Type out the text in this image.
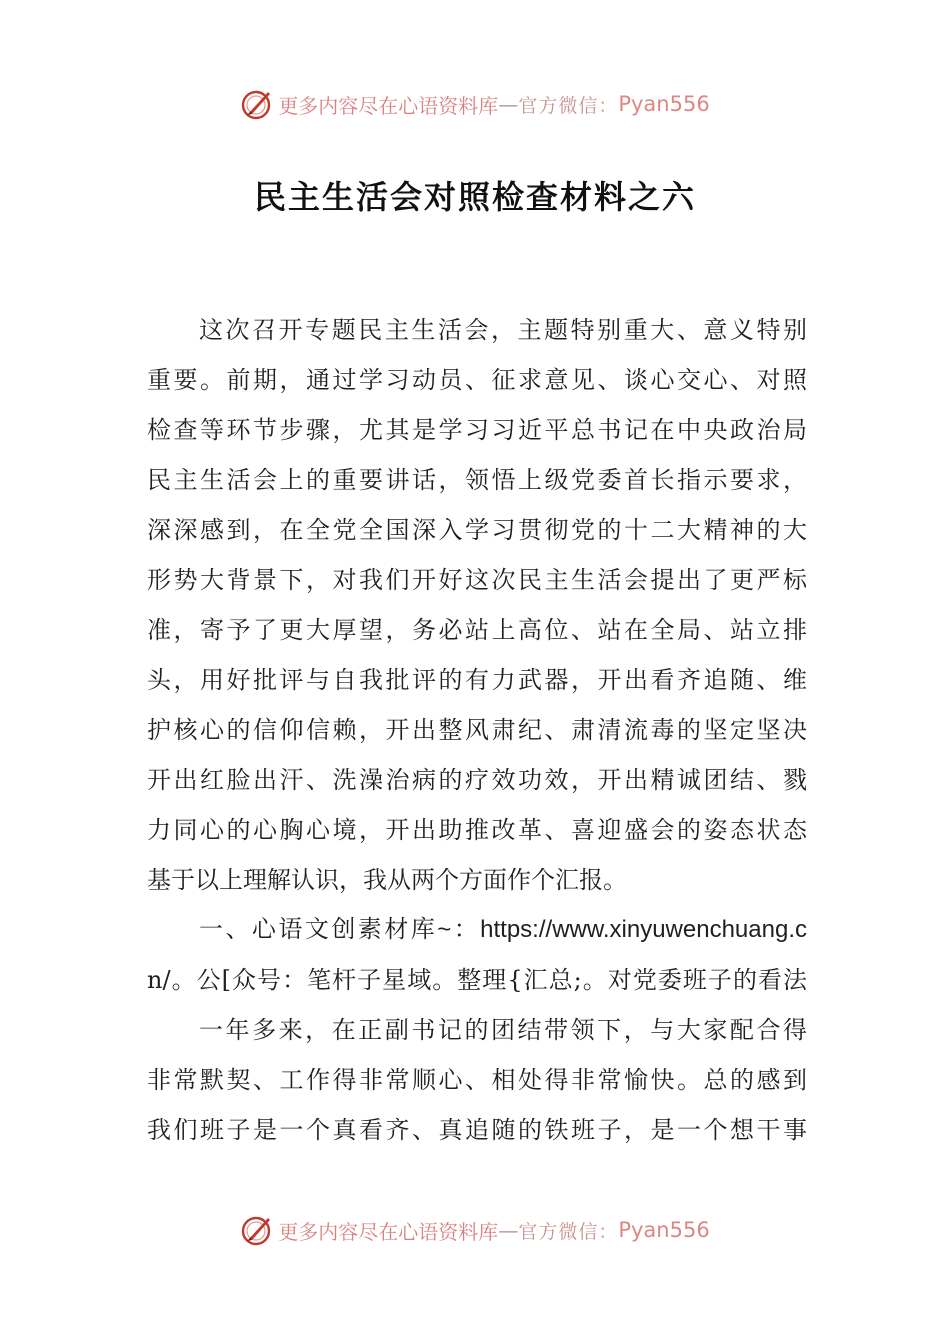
更多内容尽在心语资料库 — 官方微信： Pyan556
民主生活会对照检查材料之六
这次召开专题民主生活会，主题特别重大、意义特别
重要。前期，通过学习动员、征求意见、谈心交心、对照
检查等环节步骤，尤其是学习习近平总书记在中央政治局
民主生活会上的重要讲话，领悟上级党委首长指示要求，
深深感到，在全党全国深入学习贯彻党的十二大精神的大
形势大背景下，对我们开好这次民主生活会提出了更严标
准，寄予了更大厚望，务必站上高位、站在全局、站立排
头，用好批评与自我批评的有力武器，开出看齐追随、维
护核心的信仰信赖，开出整风肃纪、肃清流毒的坚定坚决
开出红脸出汗、洗澡治病的疗效功效，开出精诚团结、戮
力同心的心胸心境，开出助推改革、喜迎盛会的姿态状态
基于以上理解认识，我从两个方面作个汇报。
一、心语文创素材库~：https://www.xinyuwenchuang.c
n/。公[众号：笔杆子星域。整理{汇总;。对党委班子的看法
一年多来，在正副书记的团结带领下，与大家配合得
非常默契、工作得非常顺心、相处得非常愉快。总的感到
我们班子是一个真看齐、真追随的铁班子，是一个想干事
更多内容尽在心语资料库 — 官方微信： Pyan556
